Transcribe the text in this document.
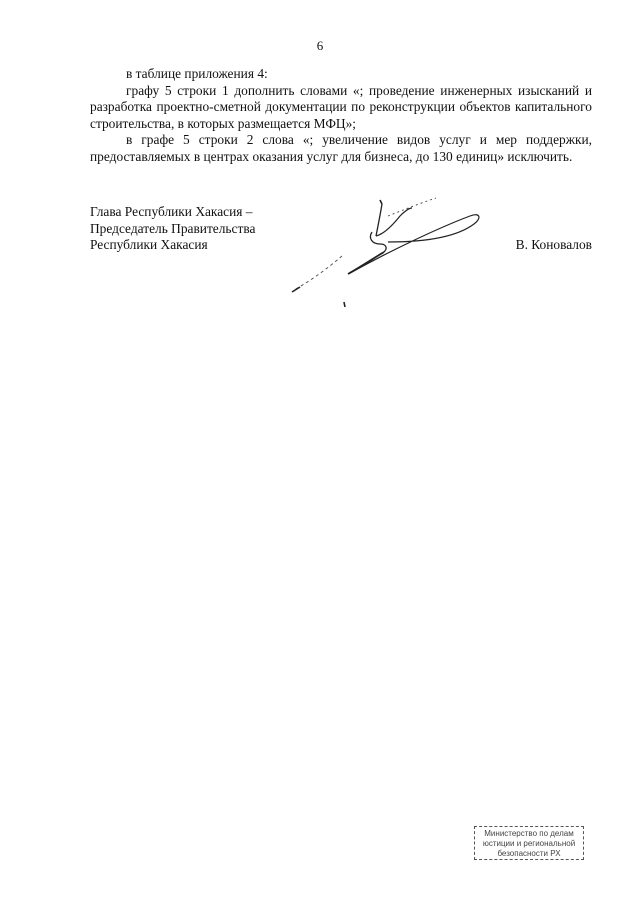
6

в таблице приложения 4:

графу 5 строки 1 дополнить словами «; проведение инженерных изысканий и разработка проектно-сметной документации по реконструкции объектов капитального строительства, в которых размещается МФЦ»;

в графе 5 строки 2 слова «; увеличение видов услуг и мер поддержки, предоставляемых в центрах оказания услуг для бизнеса, до 130 единиц» исключить.

Глава Республики Хакасия –
Председатель Правительства
Республики Хакасия	В. Коновалов
Министерство по делам
юстиции и региональной
безопасности РХ
